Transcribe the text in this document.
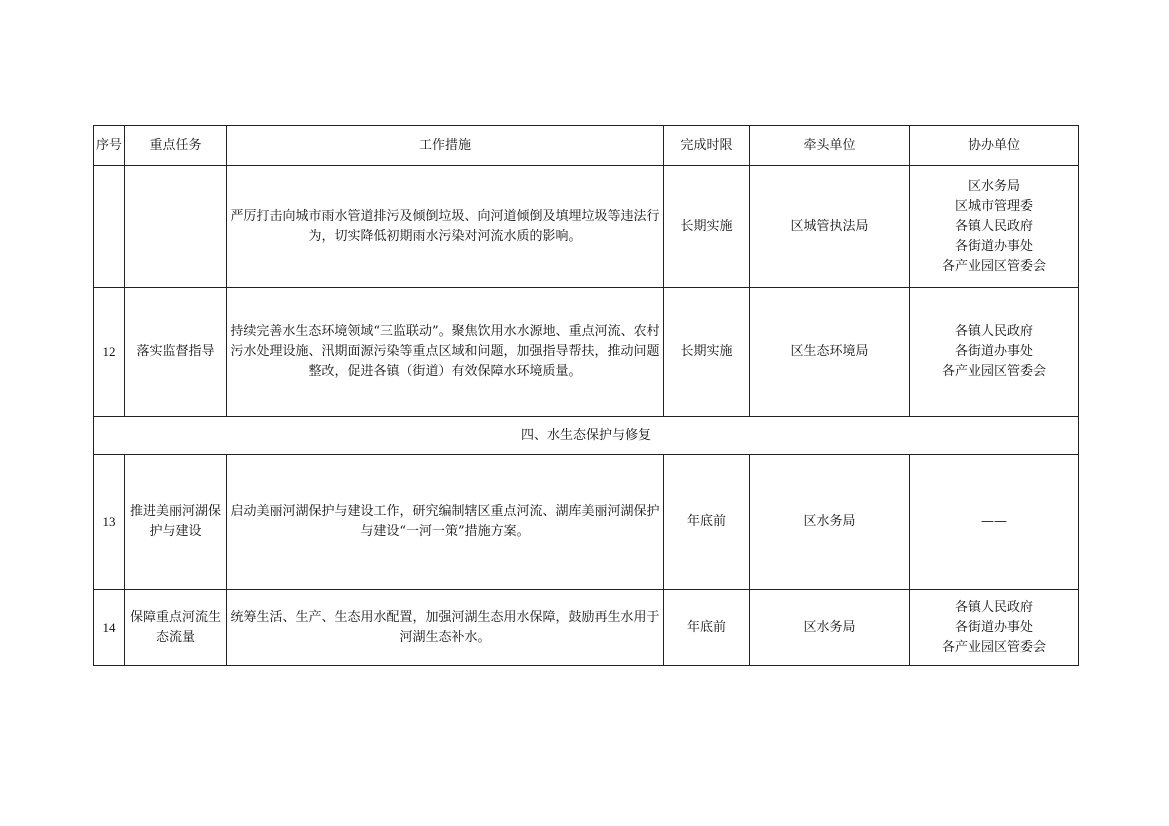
序号	重点任务	工作措施	完成时限	牵头单位	协办单位
		严厉打击向城市雨水管道排污及倾倒垃圾、向河道倾倒及填埋垃圾等违法行为，切实降低初期雨水污染对河流水质的影响。	长期实施	区城管执法局	区水务局
区城市管理委
各镇人民政府
各街道办事处
各产业园区管委会

12	落实监督指导	持续完善水生态环境领域“三监联动”。聚焦饮用水水源地、重点河流、农村污水处理设施、汛期面源污染等重点区域和问题，加强指导帮扶，推动问题整改，促进各镇（街道）有效保障水环境质量。	长期实施	区生态环境局	各镇人民政府
各街道办事处
各产业园区管委会

四、水生态保护与修复					
13	推进美丽河湖保护与建设	启动美丽河湖保护与建设工作，研究编制辖区重点河流、湖库美丽河湖保护与建设“一河一策”措施方案。	年底前	区水务局	——

14	保障重点河流生态流量	统筹生活、生产、生态用水配置，加强河湖生态用水保障，鼓励再生水用于河湖生态补水。	年底前	区水务局	各镇人民政府
各街道办事处
各产业园区管委会
